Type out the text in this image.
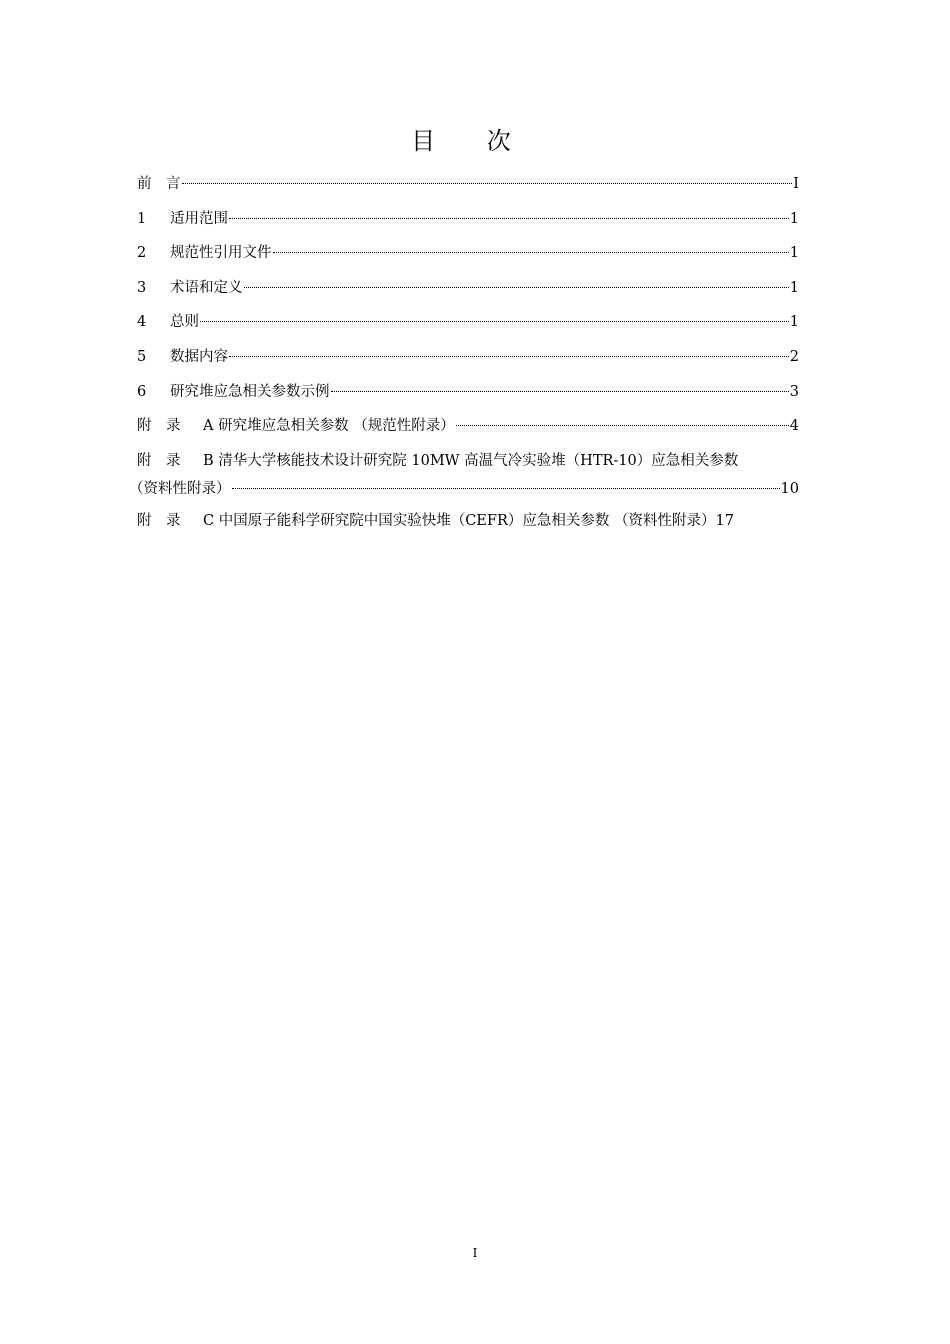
目 次
前　言	I
1	适用范围	1
2	规范性引用文件	1
3	术语和定义	1
4	总则	1
5	数据内容	2
6	研究堆应急相关参数示例	3
附　录	A 研究堆应急相关参数 （规范性附录）	4
附　录 B 清华大学核能技术设计研究院 10MW 高温气冷实验堆（HTR-10）应急相关参数
（资料性附录）	10
附　录	C 中国原子能科学研究院中国实验快堆（CEFR）应急相关参数 （资料性附录） 17
I
